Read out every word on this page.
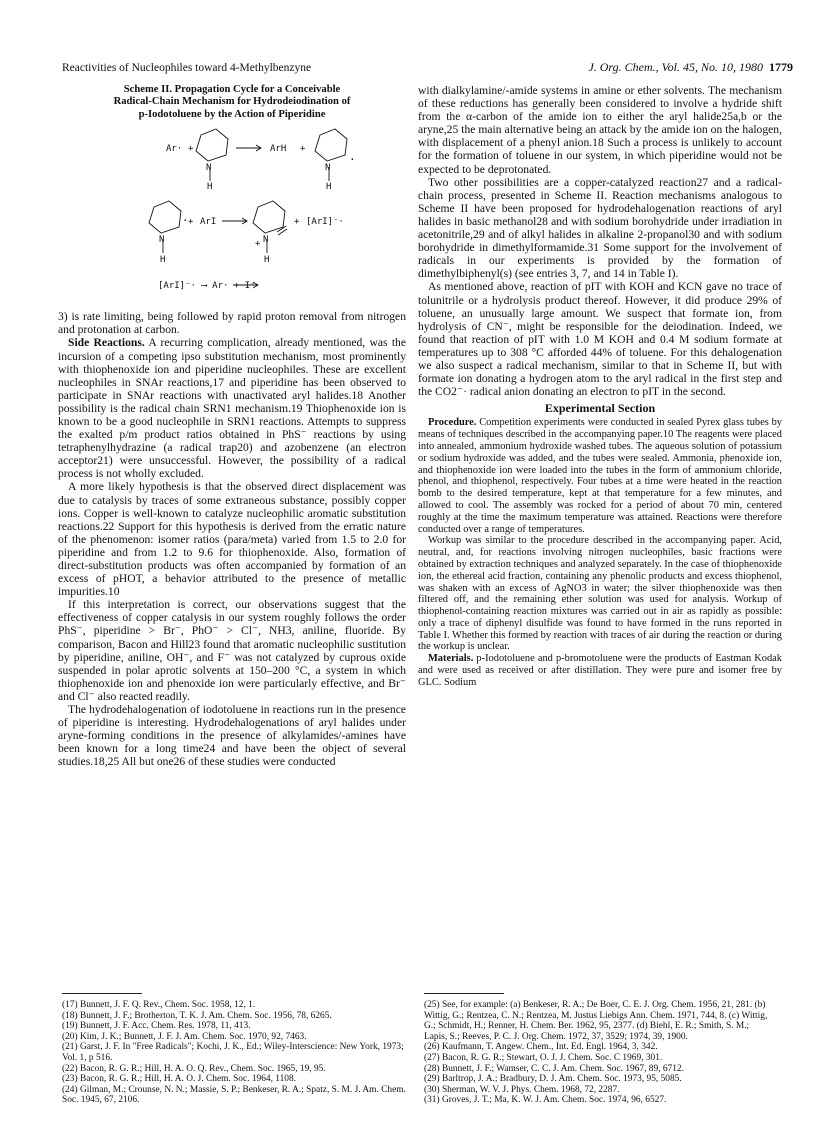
Reactivities of Nucleophiles toward 4-Methylbenzyne	J. Org. Chem., Vol. 45, No. 10, 1980 1779
Scheme II. Propagation Cycle for a Conceivable
Radical-Chain Mechanism for Hydrodeiodination of
p-Iodotoluene by the Action of Piperidine
Ar· +
N
H
ArH +
N
H
·
·
N
H
+ ArI
N
+
H
+ [ArI]⁻·
[ArI]⁻· ⟶ Ar· + I⁻

3) is rate limiting, being followed by rapid proton removal from nitrogen and protonation at carbon.

Side Reactions. A recurring complication, already mentioned, was the incursion of a competing ipso substitution mechanism, most prominently with thiophenoxide ion and piperidine nucleophiles. These are excellent nucleophiles in SNAr reactions,17 and piperidine has been observed to participate in SNAr reactions with unactivated aryl halides.18 Another possibility is the radical chain SRN1 mechanism.19 Thiophenoxide ion is known to be a good nucleophile in SRN1 reactions. Attempts to suppress the exalted p/m product ratios obtained in PhS⁻ reactions by using tetraphenylhydrazine (a radical trap20) and azobenzene (an electron acceptor21) were unsuccessful. However, the possibility of a radical process is not wholly excluded.

A more likely hypothesis is that the observed direct displacement was due to catalysis by traces of some extraneous substance, possibly copper ions. Copper is well-known to catalyze nucleophilic aromatic substitution reactions.22 Support for this hypothesis is derived from the erratic nature of the phenomenon: isomer ratios (para/meta) varied from 1.5 to 2.0 for piperidine and from 1.2 to 9.6 for thiophenoxide. Also, formation of direct-substitution products was often accompanied by formation of an excess of pHOT, a behavior attributed to the presence of metallic impurities.10

If this interpretation is correct, our observations suggest that the effectiveness of copper catalysis in our system roughly follows the order PhS⁻, piperidine > Br⁻, PhO⁻ > Cl⁻, NH3, aniline, fluoride. By comparison, Bacon and Hill23 found that aromatic nucleophilic sustitution by piperidine, aniline, OH⁻, and F⁻ was not catalyzed by cuprous oxide suspended in polar aprotic solvents at 150–200 °C, a system in which thiophenoxide ion and phenoxide ion were particularly effective, and Br⁻ and Cl⁻ also reacted readily.

The hydrodehalogenation of iodotoluene in reactions run in the presence of piperidine is interesting. Hydrodehalogenations of aryl halides under aryne-forming conditions in the presence of alkylamides/-amines have been known for a long time24 and have been the object of several studies.18,25 All but one26 of these studies were conducted

with dialkylamine/-amide systems in amine or ether solvents. The mechanism of these reductions has generally been considered to involve a hydride shift from the α-carbon of the amide ion to either the aryl halide25a,b or the aryne,25 the main alternative being an attack by the amide ion on the halogen, with displacement of a phenyl anion.18 Such a process is unlikely to account for the formation of toluene in our system, in which piperidine would not be expected to be deprotonated.

Two other possibilities are a copper-catalyzed reaction27 and a radical-chain process, presented in Scheme II. Reaction mechanisms analogous to Scheme II have been proposed for hydrodehalogenation reactions of aryl halides in basic methanol28 and with sodium borohydride under irradiation in acetonitrile,29 and of alkyl halides in alkaline 2-propanol30 and with sodium borohydride in dimethylformamide.31 Some support for the involvement of radicals in our experiments is provided by the formation of dimethylbiphenyl(s) (see entries 3, 7, and 14 in Table I).

As mentioned above, reaction of pIT with KOH and KCN gave no trace of tolunitrile or a hydrolysis product thereof. However, it did produce 29% of toluene, an unusually large amount. We suspect that formate ion, from hydrolysis of CN⁻, might be responsible for the deiodination. Indeed, we found that reaction of pIT with 1.0 M KOH and 0.4 M sodium formate at temperatures up to 308 °C afforded 44% of toluene. For this dehalogenation we also suspect a radical mechanism, similar to that in Scheme II, but with formate ion donating a hydrogen atom to the aryl radical in the first step and the CO2⁻· radical anion donating an electron to pIT in the second.

Experimental Section

Procedure. Competition experiments were conducted in sealed Pyrex glass tubes by means of techniques described in the accompanying paper.10 The reagents were placed into annealed, ammonium hydroxide washed tubes. The aqueous solution of potassium or sodium hydroxide was added, and the tubes were sealed. Ammonia, phenoxide ion, and thiophenoxide ion were loaded into the tubes in the form of ammonium chloride, phenol, and thiophenol, respectively. Four tubes at a time were heated in the reaction bomb to the desired temperature, kept at that temperature for a few minutes, and allowed to cool. The assembly was rocked for a period of about 70 min, centered roughly at the time the maximum temperature was attained. Reactions were therefore conducted over a range of temperatures.

Workup was similar to the procedure described in the accompanying paper. Acid, neutral, and, for reactions involving nitrogen nucleophiles, basic fractions were obtained by extraction techniques and analyzed separately. In the case of thiophenoxide ion, the ethereal acid fraction, containing any phenolic products and excess thiophenol, was shaken with an excess of AgNO3 in water; the silver thiophenoxide was then filtered off, and the remaining ether solution was used for analysis. Workup of thiophenol-containing reaction mixtures was carried out in air as rapidly as possible: only a trace of diphenyl disulfide was found to have formed in the runs reported in Table I. Whether this formed by reaction with traces of air during the reaction or during the workup is unclear.

Materials. p-Iodotoluene and p-bromotoluene were the products of Eastman Kodak and were used as received or after distillation. They were pure and isomer free by GLC. Sodium

(17) Bunnett, J. F. Q. Rev., Chem. Soc. 1958, 12, 1.
(18) Bunnett, J. F.; Brotherton, T. K. J. Am. Chem. Soc. 1956, 78, 6265.
(19) Bunnett, J. F. Acc. Chem. Res. 1978, 11, 413.
(20) Kim, J. K.; Bunnett, J. F. J. Am. Chem. Soc. 1970, 92, 7463.
(21) Garst, J. F. In "Free Radicals"; Kochi, J. K., Ed.; Wiley-Interscience: New York, 1973; Vol. 1, p 516.
(22) Bacon, R. G. R.; Hill, H. A. O. Q. Rev., Chem. Soc. 1965, 19, 95.
(23) Bacon, R. G. R.; Hill, H. A. O. J. Chem. Soc. 1964, 1108.
(24) Gilman, M.; Crounse, N. N.; Massie, S. P.; Benkeser, R. A.; Spatz, S. M. J. Am. Chem. Soc. 1945, 67, 2106.
(25) See, for example: (a) Benkeser, R. A.; De Boer, C. E. J. Org. Chem. 1956, 21, 281. (b) Wittig, G.; Rentzea, C. N.; Rentzea, M. Justus Liebigs Ann. Chem. 1971, 744, 8. (c) Wittig, G.; Schmidt, H.; Renner, H. Chem. Ber. 1962, 95, 2377. (d) Biehl, E. R.; Smith, S. M.; Lapis, S.; Reeves, P. C. J. Org. Chem. 1972, 37, 3529; 1974, 39, 1900.
(26) Kaufmann, T. Angew. Chem., Int. Ed. Engl. 1964, 3, 342.
(27) Bacon, R. G. R.; Stewart, O. J. J. Chem. Soc. C 1969, 301.
(28) Bunnett, J. F.; Wamser, C. C. J. Am. Chem. Soc. 1967, 89, 6712.
(29) Barltrop, J. A.; Bradbury, D. J. Am. Chem. Soc. 1973, 95, 5085.
(30) Sherman, W. V. J. Phys. Chem. 1968, 72, 2287.
(31) Groves, J. T.; Ma, K. W. J. Am. Chem. Soc. 1974, 96, 6527.
